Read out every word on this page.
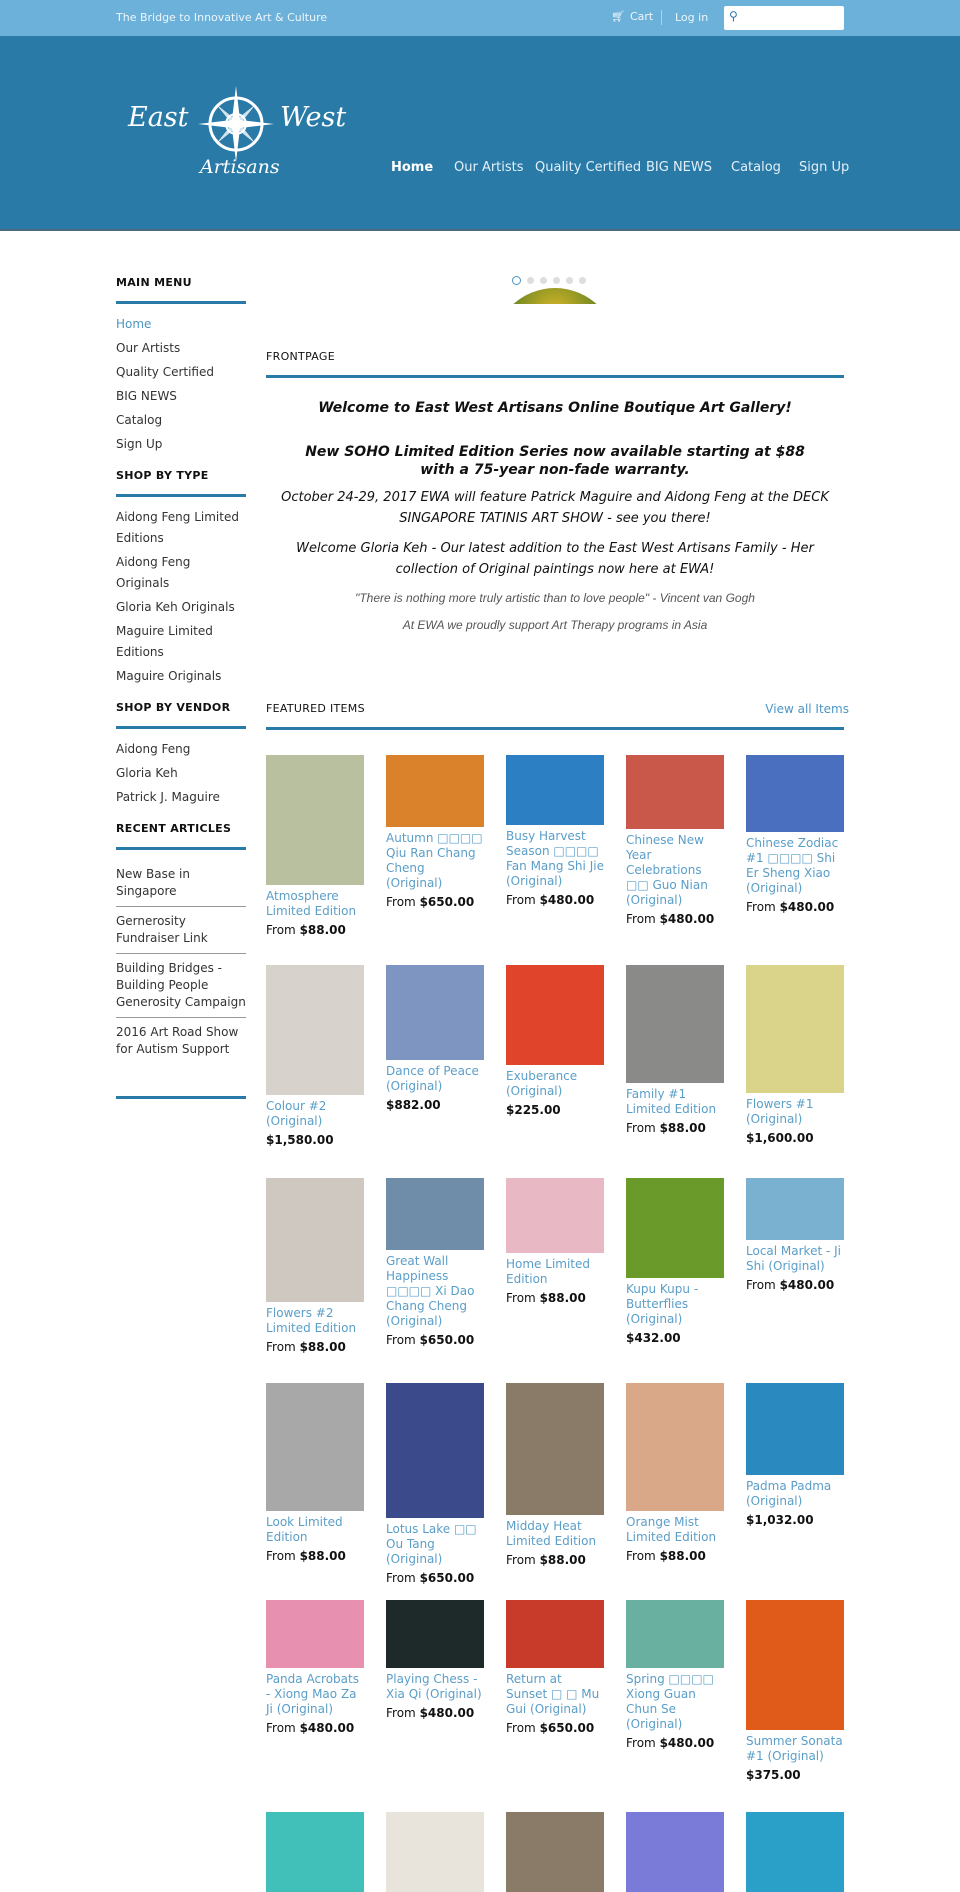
The Bridge to Innovative Art & Culture	🛒︎ Cart Log in ⚲
East	West
Artisans	Home Our Artists Quality Certified BIG NEWS Catalog Sign Up
MAIN MENU
Home
Our Artists
Quality Certified
BIG NEWS
Catalog
Sign Up
SHOP BY TYPE
Aidong Feng Limited Editions
Aidong Feng Originals
Gloria Keh Originals
Maguire Limited Editions
Maguire Originals
SHOP BY VENDOR
Aidong Feng
Gloria Keh
Patrick J. Maguire
RECENT ARTICLES
New Base in Singapore
Gernerosity Fundraiser Link
Building Bridges - Building People Generosity Campaign
2016 Art Road Show for Autism Support
FRONTPAGE

Welcome to East West Artisans Online Boutique Art Gallery!

New SOHO Limited Edition Series now available starting at $88 with a 75-year non-fade warranty.

October 24-29, 2017 EWA will feature Patrick Maguire and Aidong Feng at the DECK SINGAPORE TATINIS ART SHOW - see you there!

Welcome Gloria Keh - Our latest addition to the East West Artisans Family - Her collection of Original paintings now here at EWA!

"There is nothing more truly artistic than to love people" - Vincent van Gogh

At EWA we proudly support Art Therapy programs in Asia

FEATURED ITEMS	View all Items
Atmosphere Limited Edition
From $88.00
Autumn □□□□ Qiu Ran Chang Cheng (Original)
From $650.00
Busy Harvest Season □□□□ Fan Mang Shi Jie (Original)
From $480.00
Chinese New Year Celebrations □□ Guo Nian (Original)
From $480.00
Chinese Zodiac #1 □□□□ Shi Er Sheng Xiao (Original)
From $480.00
Colour #2 (Original)
$1,580.00
Dance of Peace (Original)
$882.00
Exuberance (Original)
$225.00
Family #1 Limited Edition
From $88.00
Flowers #1 (Original)
$1,600.00
Flowers #2 Limited Edition
From $88.00
Great Wall Happiness □□□□ Xi Dao Chang Cheng (Original)
From $650.00
Home Limited Edition
From $88.00
Kupu Kupu - Butterflies (Original)
$432.00
Local Market - Ji Shi (Original)
From $480.00
Look Limited Edition
From $88.00
Lotus Lake □□ Ou Tang (Original)
From $650.00
Midday Heat Limited Edition
From $88.00
Orange Mist Limited Edition
From $88.00
Padma Padma (Original)
$1,032.00
Panda Acrobats - Xiong Mao Za Ji (Original)
From $480.00
Playing Chess - Xia Qi (Original)
From $480.00
Return at Sunset □ □ Mu Gui (Original)
From $650.00
Spring □□□□ Xiong Guan Chun Se (Original)
From $480.00	Summer Sonata #1 (Original)
$375.00
